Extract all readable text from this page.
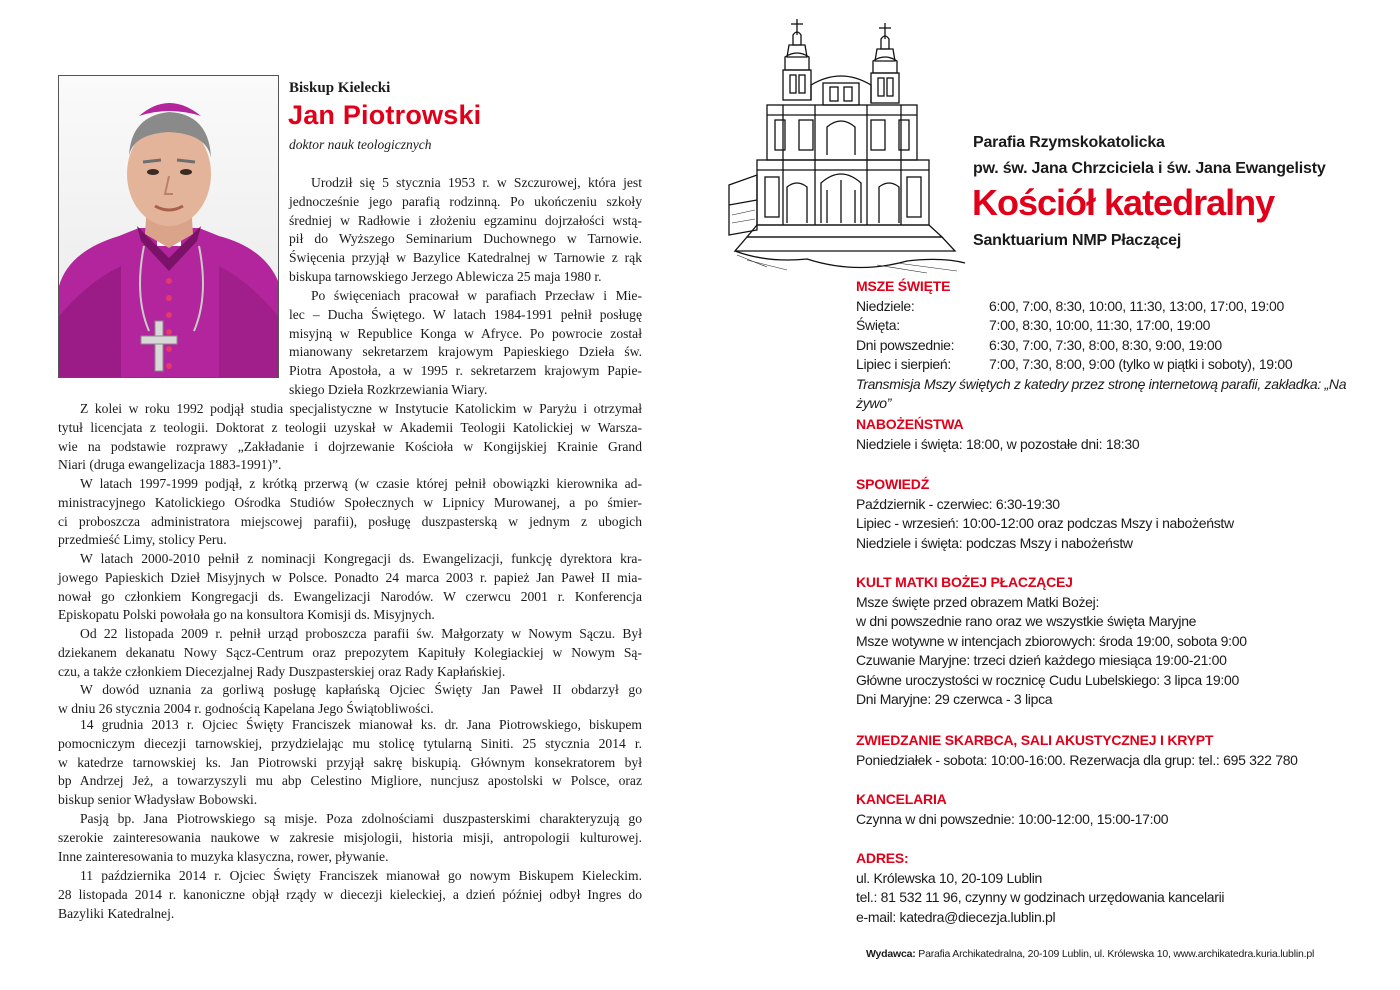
Biskup Kielecki
Jan Piotrowski
doktor nauk teologicznych
Urodził się 5 stycznia 1953 r. w Szczurowej, która jest
jednocześnie jego parafią rodzinną. Po ukończeniu szkoły
średniej w Radłowie i złożeniu egzaminu dojrzałości wstą-
pił do Wyższego Seminarium Duchownego w Tarnowie.
Święcenia przyjął w Bazylice Katedralnej w Tarnowie z rąk
biskupa tarnowskiego Jerzego Ablewicza 25 maja 1980 r.
Po święceniach pracował w parafiach Przecław i Mie-
lec – Ducha Świętego. W latach 1984-1991 pełnił posługę
misyjną w Republice Konga w Afryce. Po powrocie został
mianowany sekretarzem krajowym Papieskiego Dzieła św.
Piotra Apostoła, a w 1995 r. sekretarzem krajowym Papie-
skiego Dzieła Rozkrzewiania Wiary.
Z kolei w roku 1992 podjął studia specjalistyczne w Instytucie Katolickim w Paryżu i otrzymał
tytuł licencjata z teologii. Doktorat z teologii uzyskał w Akademii Teologii Katolickiej w Warsza-
wie na podstawie rozprawy „Zakładanie i dojrzewanie Kościoła w Kongijskiej Krainie Grand
Niari (druga ewangelizacja 1883-1991)”.
W latach 1997-1999 podjął, z krótką przerwą (w czasie której pełnił obowiązki kierownika ad-
ministracyjnego Katolickiego Ośrodka Studiów Społecznych w Lipnicy Murowanej, a po śmier-
ci proboszcza administratora miejscowej parafii), posługę duszpasterską w jednym z ubogich
przedmieść Limy, stolicy Peru.
W latach 2000-2010 pełnił z nominacji Kongregacji ds. Ewangelizacji, funkcję dyrektora kra-
jowego Papieskich Dzieł Misyjnych w Polsce. Ponadto 24 marca 2003 r. papież Jan Paweł II mia-
nował go członkiem Kongregacji ds. Ewangelizacji Narodów. W czerwcu 2001 r. Konferencja
Episkopatu Polski powołała go na konsultora Komisji ds. Misyjnych.
Od 22 listopada 2009 r. pełnił urząd proboszcza parafii św. Małgorzaty w Nowym Sączu. Był
dziekanem dekanatu Nowy Sącz-Centrum oraz prepozytem Kapituły Kolegiackiej w Nowym Są-
czu, a także członkiem Diecezjalnej Rady Duszpasterskiej oraz Rady Kapłańskiej.
W dowód uznania za gorliwą posługę kapłańską Ojciec Święty Jan Paweł II obdarzył go
w dniu 26 stycznia 2004 r. godnością Kapelana Jego Świątobliwości.
14 grudnia 2013 r. Ojciec Święty Franciszek mianował ks. dr. Jana Piotrowskiego, biskupem
pomocniczym diecezji tarnowskiej, przydzielając mu stolicę tytularną Siniti. 25 stycznia 2014 r.
w katedrze tarnowskiej ks. Jan Piotrowski przyjął sakrę biskupią. Głównym konsekratorem był
bp Andrzej Jeż, a towarzyszyli mu abp Celestino Migliore, nuncjusz apostolski w Polsce, oraz
biskup senior Władysław Bobowski.
Pasją bp. Jana Piotrowskiego są misje. Poza zdolnościami duszpasterskimi charakteryzują go
szerokie zainteresowania naukowe w zakresie misjologii, historia misji, antropologii kulturowej.
Inne zainteresowania to muzyka klasyczna, rower, pływanie.
11 października 2014 r. Ojciec Święty Franciszek mianował go nowym Biskupem Kieleckim.
28 listopada 2014 r. kanoniczne objął rządy w diecezji kieleckiej, a dzień później odbył Ingres do
Bazyliki Katedralnej.
Parafia Rzymskokatolicka
pw. św. Jana Chrzciciela i św. Jana Ewangelisty
Kościół katedralny
Sanktuarium NMP Płaczącej
MSZE ŚWIĘTE
Niedziele:	6:00, 7:00, 8:30, 10:00, 11:30, 13:00, 17:00, 19:00
Święta:	7:00, 8:30, 10:00, 11:30, 17:00, 19:00
Dni powszednie:	6:30, 7:00, 7:30, 8:00, 8:30, 9:00, 19:00
Lipiec i sierpień:	7:00, 7:30, 8:00, 9:00 (tylko w piątki i soboty), 19:00
Transmisja Mszy świętych z katedry przez stronę internetową parafii, zakładka: „Na żywo”
NABOŻEŃSTWA
Niedziele i święta: 18:00, w pozostałe dni: 18:30
SPOWIEDŹ
Październik - czerwiec: 6:30-19:30
Lipiec - wrzesień: 10:00-12:00 oraz podczas Mszy i nabożeństw
Niedziele i święta: podczas Mszy i nabożeństw
KULT MATKI BOŻEJ PŁACZĄCEJ
Msze święte przed obrazem Matki Bożej:
w dni powszednie rano oraz we wszystkie święta Maryjne
Msze wotywne w intencjach zbiorowych: środa 19:00, sobota 9:00
Czuwanie Maryjne: trzeci dzień każdego miesiąca 19:00-21:00
Główne uroczystości w rocznicę Cudu Lubelskiego: 3 lipca 19:00
Dni Maryjne: 29 czerwca - 3 lipca
ZWIEDZANIE SKARBCA, SALI AKUSTYCZNEJ I KRYPT
Poniedziałek - sobota: 10:00-16:00. Rezerwacja dla grup: tel.: 695 322 780
KANCELARIA
Czynna w dni powszednie: 10:00-12:00, 15:00-17:00
ADRES:
ul. Królewska 10, 20-109 Lublin
tel.: 81 532 11 96, czynny w godzinach urzędowania kancelarii
e-mail: katedra@diecezja.lublin.pl
Wydawca: Parafia Archikatedralna, 20-109 Lublin, ul. Królewska 10, www.archikatedra.kuria.lublin.pl
